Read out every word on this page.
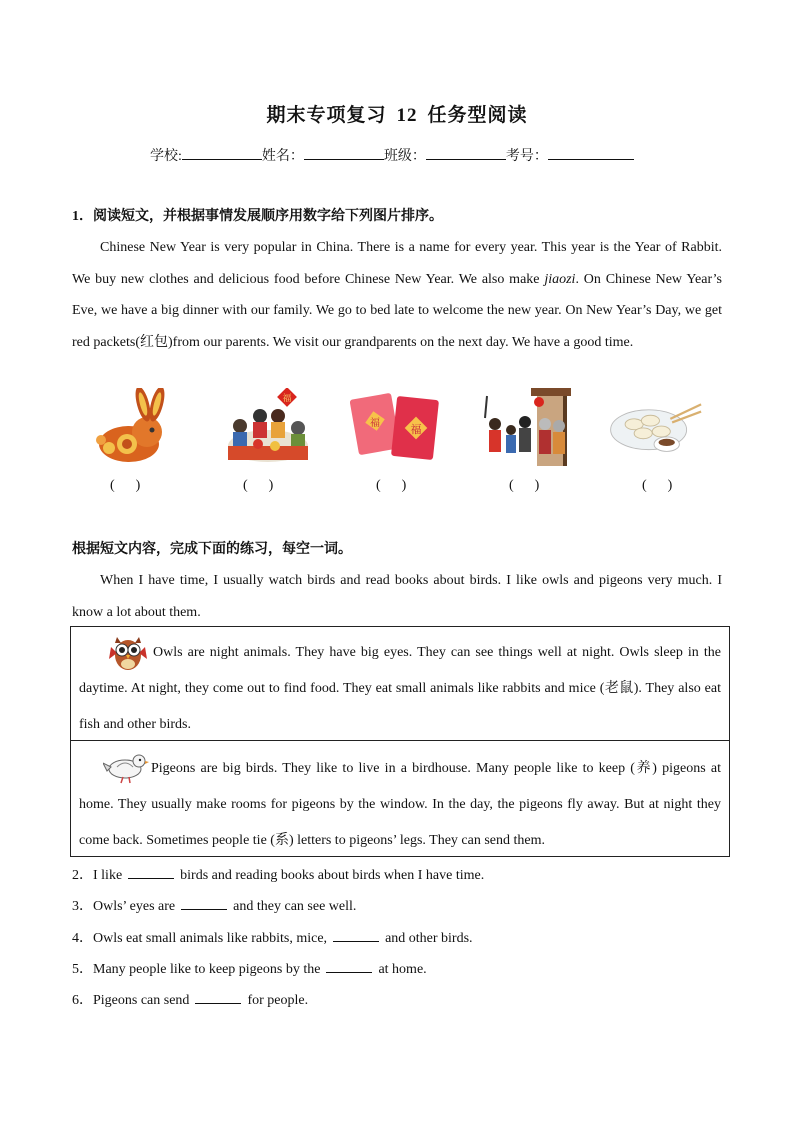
期末专项复习 12 任务型阅读
学校:	姓名：	班级：	考号：
1．阅读短文，并根据事情发展顺序用数字给下列图片排序。
Chinese New Year is very popular in China. There is a name for every year. This year is the Year of Rabbit. We buy new clothes and delicious food before Chinese New Year. We also make jiaozi. On Chinese New Year’s Eve, we have a big dinner with our family. We go to bed late to welcome the new year. On New Year’s Day, we get red packets(红包)from our parents. We visit our grandparents on the next day. We have a good time.
福
福	福
(      )	(      )	(      )	(      )	(      )
根据短文内容，完成下面的练习，每空一词。
When I have time, I usually watch birds and read books about birds. I like owls and pigeons very much. I know a lot about them.
Owls are night animals. They have big eyes. They can see things well at night. Owls sleep in the daytime. At night, they come out to find food. They eat small animals like rabbits and mice (老鼠). They also eat fish and other birds.
Pigeons are big birds. They like to live in a birdhouse. Many people like to keep (养) pigeons at home. They usually make rooms for pigeons by the window. In the day, the pigeons fly away. But at night they come back. Sometimes people tie (系) letters to pigeons’ legs. They can send them.
2．I like	birds and reading books about birds when I have time.
3．Owls’ eyes are	and they can see well.
4．Owls eat small animals like rabbits, mice,	and other birds.
5．Many people like to keep pigeons by the	at home.
6．Pigeons can send	for people.
